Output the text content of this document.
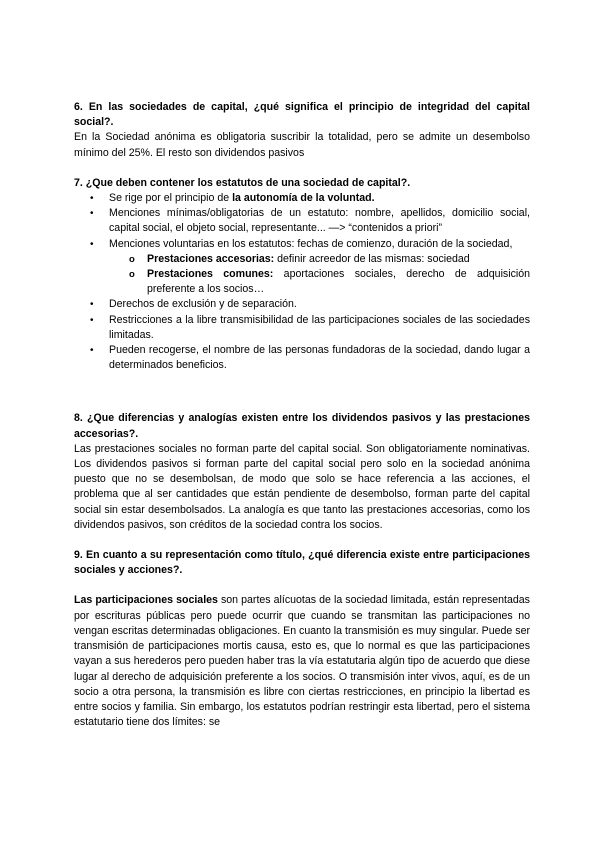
6. En las sociedades de capital, ¿qué significa el principio de integridad del capital social?.

En la Sociedad anónima es obligatoria suscribir la totalidad, pero se admite un desembolso mínimo del 25%. El resto son dividendos pasivos

7. ¿Que deben contener los estatutos de una sociedad de capital?.

• Se rige por el principio de la autonomía de la voluntad.
• Menciones mínimas/obligatorias de un estatuto: nombre, apellidos, domicilio social, capital social, el objeto social, representante... —> “contenidos a priori”
• Menciones voluntarias en los estatutos: fechas de comienzo, duración de la sociedad,
o Prestaciones accesorias: definir acreedor de las mismas: sociedad
o Prestaciones comunes: aportaciones sociales, derecho de adquisición preferente a los socios…
• Derechos de exclusión y de separación.
• Restricciones a la libre transmisibilidad de las participaciones sociales de las sociedades limitadas.
• Pueden recogerse, el nombre de las personas fundadoras de la sociedad, dando lugar a determinados beneficios.

8. ¿Que diferencias y analogías existen entre los dividendos pasivos y las prestaciones accesorias?.

Las prestaciones sociales no forman parte del capital social. Son obligatoriamente nominativas. Los dividendos pasivos si forman parte del capital social pero solo en la sociedad anónima puesto que no se desembolsan, de modo que solo se hace referencia a las acciones, el problema que al ser cantidades que están pendiente de desembolso, forman parte del capital social sin estar desembolsados. La analogía es que tanto las prestaciones accesorias, como los dividendos pasivos, son créditos de la sociedad contra los socios.

9. En cuanto a su representación como título, ¿qué diferencia existe entre participaciones sociales y acciones?.

Las participaciones sociales son partes alícuotas de la sociedad limitada, están representadas por escrituras públicas pero puede ocurrir que cuando se transmitan las participaciones no vengan escritas determinadas obligaciones. En cuanto la transmisión es muy singular. Puede ser transmisión de participaciones mortis causa, esto es, que lo normal es que las participaciones vayan a sus herederos pero pueden haber tras la vía estatutaria algún tipo de acuerdo que diese lugar al derecho de adquisición preferente a los socios. O transmisión inter vivos, aquí, es de un socio a otra persona, la transmisión es libre con ciertas restricciones, en principio la libertad es entre socios y familia. Sin embargo, los estatutos podrían restringir esta libertad, pero el sistema estatutario tiene dos límites: se
